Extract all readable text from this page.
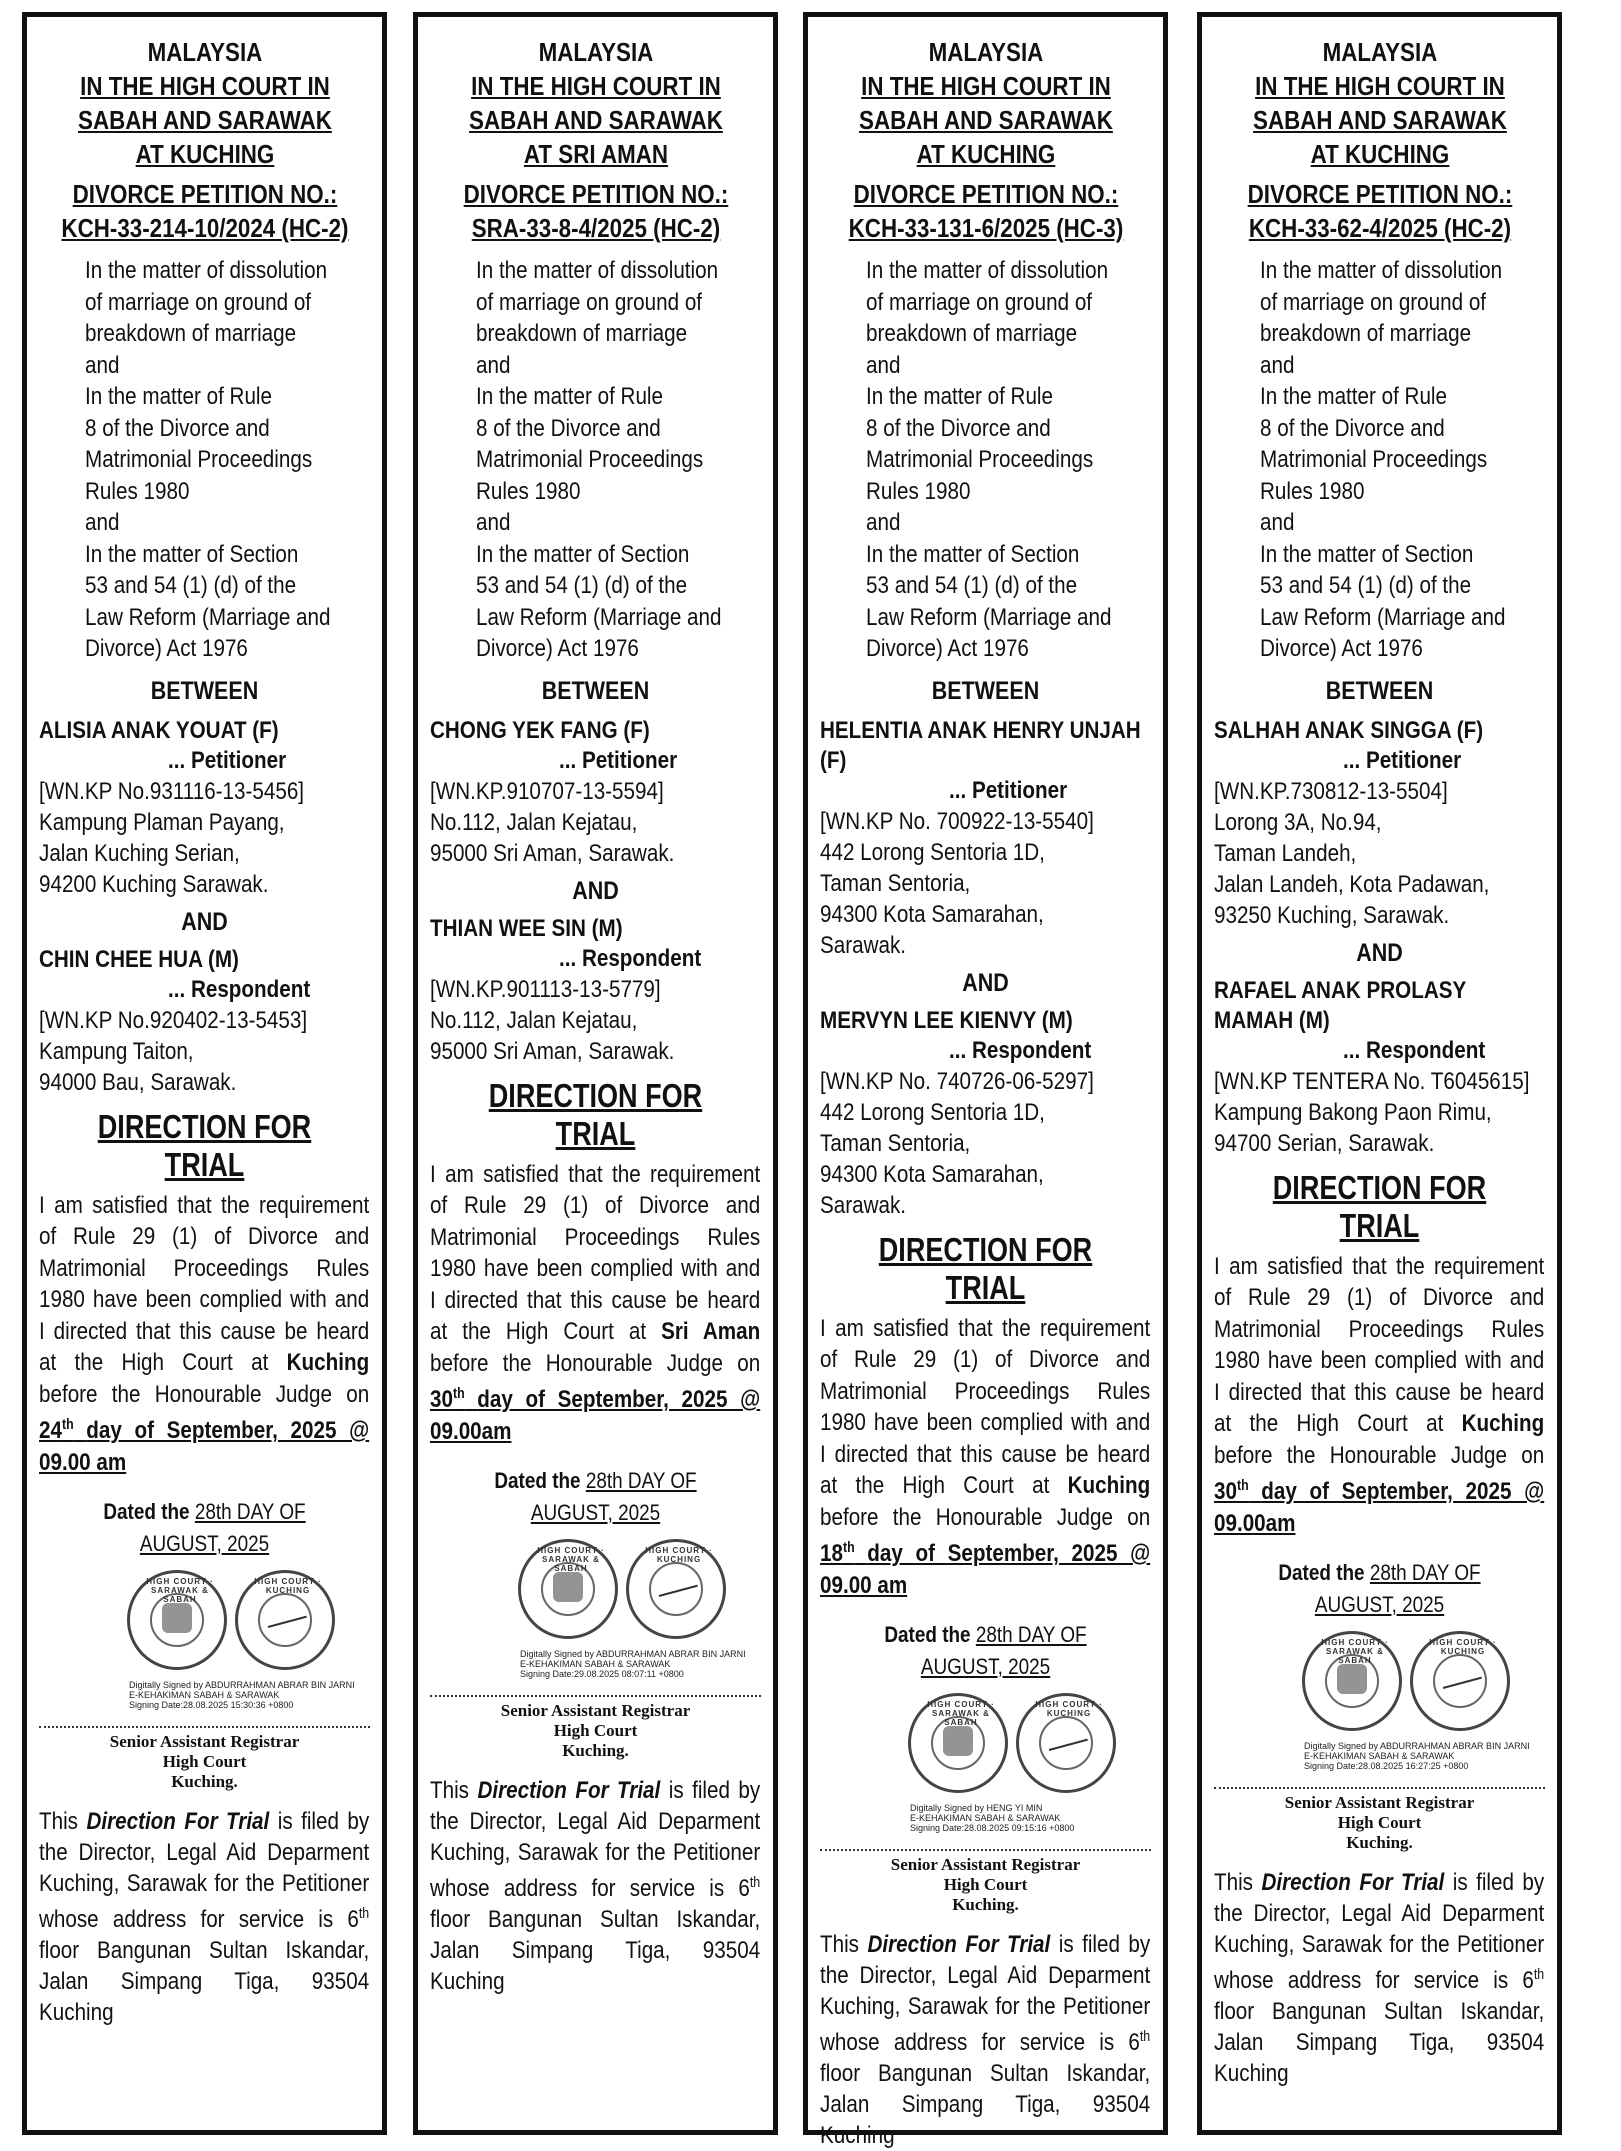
MALAYSIA
IN THE HIGH COURT IN
SABAH AND SARAWAK
AT KUCHING
DIVORCE PETITION NO.:
KCH-33-214-10/2024 (HC-2)
In the matter of dissolution
of marriage on ground of
breakdown of marriage
and
In the matter of Rule
8 of the Divorce and
Matrimonial Proceedings
Rules 1980
and
In the matter of Section
53 and 54 (1) (d) of the
Law Reform (Marriage and
Divorce) Act 1976
BETWEEN
ALISIA ANAK YOUAT (F)
... Petitioner
[WN.KP No.931116-13-5456]
Kampung Plaman Payang,
Jalan Kuching Serian,
94200 Kuching Sarawak.
AND
CHIN CHEE HUA (M)
... Respondent
[WN.KP No.920402-13-5453]
Kampung Taiton,
94000 Bau, Sarawak.
DIRECTION FOR TRIAL
I am satisfied that the requirement of Rule 29 (1) of Divorce and Matrimonial Proceedings Rules 1980 have been complied with and I directed that this cause be heard at the High Court at Kuching before the Honourable Judge on 24th day of September, 2025 @ 09.00 am
Dated the 28th DAY OF AUGUST, 2025
HIGH COURT · SARAWAK & SABAH
HIGH COURT · KUCHING
Digitally Signed by ABDURRAHMAN ABRAR BIN JARNI
E-KEHAKIMAN SABAH & SARAWAK
Signing Date:28.08.2025 15:30:36 +0800
Senior Assistant Registrar
High Court
Kuching.
This Direction For Trial is filed by the Director, Legal Aid Deparment Kuching, Sarawak for the Petitioner whose address for service is 6th floor Bangunan Sultan Iskandar, Jalan Simpang Tiga, 93504 Kuching
MALAYSIA
IN THE HIGH COURT IN
SABAH AND SARAWAK
AT SRI AMAN
DIVORCE PETITION NO.:
SRA-33-8-4/2025 (HC-2)
In the matter of dissolution
of marriage on ground of
breakdown of marriage
and
In the matter of Rule
8 of the Divorce and
Matrimonial Proceedings
Rules 1980
and
In the matter of Section
53 and 54 (1) (d) of the
Law Reform (Marriage and
Divorce) Act 1976
BETWEEN
CHONG YEK FANG (F)
... Petitioner
[WN.KP.910707-13-5594]
No.112, Jalan Kejatau,
95000 Sri Aman, Sarawak.
AND
THIAN WEE SIN (M)
... Respondent
[WN.KP.901113-13-5779]
No.112, Jalan Kejatau,
95000 Sri Aman, Sarawak.
DIRECTION FOR TRIAL
I am satisfied that the requirement of Rule 29 (1) of Divorce and Matrimonial Proceedings Rules 1980 have been complied with and I directed that this cause be heard at the High Court at Sri Aman before the Honourable Judge on 30th day of September, 2025 @ 09.00am
Dated the 28th DAY OF AUGUST, 2025
HIGH COURT · SARAWAK & SABAH
HIGH COURT · KUCHING
Digitally Signed by ABDURRAHMAN ABRAR BIN JARNI
E-KEHAKIMAN SABAH & SARAWAK
Signing Date:29.08.2025 08:07:11 +0800
Senior Assistant Registrar
High Court
Kuching.
This Direction For Trial is filed by the Director, Legal Aid Deparment Kuching, Sarawak for the Petitioner whose address for service is 6th floor Bangunan Sultan Iskandar, Jalan Simpang Tiga, 93504 Kuching
MALAYSIA
IN THE HIGH COURT IN
SABAH AND SARAWAK
AT KUCHING
DIVORCE PETITION NO.:
KCH-33-131-6/2025 (HC-3)
In the matter of dissolution
of marriage on ground of
breakdown of marriage
and
In the matter of Rule
8 of the Divorce and
Matrimonial Proceedings
Rules 1980
and
In the matter of Section
53 and 54 (1) (d) of the
Law Reform (Marriage and
Divorce) Act 1976
BETWEEN
HELENTIA ANAK HENRY UNJAH (F)
... Petitioner
[WN.KP No. 700922-13-5540]
442 Lorong Sentoria 1D,
Taman Sentoria,
94300 Kota Samarahan,
Sarawak.
AND
MERVYN LEE KIENVY (M)
... Respondent
[WN.KP No. 740726-06-5297]
442 Lorong Sentoria 1D,
Taman Sentoria,
94300 Kota Samarahan,
Sarawak.
DIRECTION FOR TRIAL
I am satisfied that the requirement of Rule 29 (1) of Divorce and Matrimonial Proceedings Rules 1980 have been complied with and I directed that this cause be heard at the High Court at Kuching before the Honourable Judge on 18th day of September, 2025 @ 09.00 am
Dated the 28th DAY OF AUGUST, 2025
HIGH COURT · SARAWAK & SABAH
HIGH COURT · KUCHING
Digitally Signed by HENG YI MIN
E-KEHAKIMAN SABAH & SARAWAK
Signing Date:28.08.2025 09:15:16 +0800
Senior Assistant Registrar
High Court
Kuching.
This Direction For Trial is filed by the Director, Legal Aid Deparment Kuching, Sarawak for the Petitioner whose address for service is 6th floor Bangunan Sultan Iskandar, Jalan Simpang Tiga, 93504 Kuching
MALAYSIA
IN THE HIGH COURT IN
SABAH AND SARAWAK
AT KUCHING
DIVORCE PETITION NO.:
KCH-33-62-4/2025 (HC-2)
In the matter of dissolution
of marriage on ground of
breakdown of marriage
and
In the matter of Rule
8 of the Divorce and
Matrimonial Proceedings
Rules 1980
and
In the matter of Section
53 and 54 (1) (d) of the
Law Reform (Marriage and
Divorce) Act 1976
BETWEEN
SALHAH ANAK SINGGA (F)
... Petitioner
[WN.KP.730812-13-5504]
Lorong 3A, No.94,
Taman Landeh,
Jalan Landeh, Kota Padawan,
93250 Kuching, Sarawak.
AND
RAFAEL ANAK PROLASY MAMAH (M)
... Respondent
[WN.KP TENTERA No. T6045615]
Kampung Bakong Paon Rimu,
94700 Serian, Sarawak.
DIRECTION FOR TRIAL
I am satisfied that the requirement of Rule 29 (1) of Divorce and Matrimonial Proceedings Rules 1980 have been complied with and I directed that this cause be heard at the High Court at Kuching before the Honourable Judge on 30th day of September, 2025 @ 09.00am
Dated the 28th DAY OF AUGUST, 2025
HIGH COURT · SARAWAK & SABAH
HIGH COURT · KUCHING
Digitally Signed by ABDURRAHMAN ABRAR BIN JARNI
E-KEHAKIMAN SABAH & SARAWAK
Signing Date:28.08.2025 16:27:25 +0800
Senior Assistant Registrar
High Court
Kuching.
This Direction For Trial is filed by the Director, Legal Aid Deparment Kuching, Sarawak for the Petitioner whose address for service is 6th floor Bangunan Sultan Iskandar, Jalan Simpang Tiga, 93504 Kuching
